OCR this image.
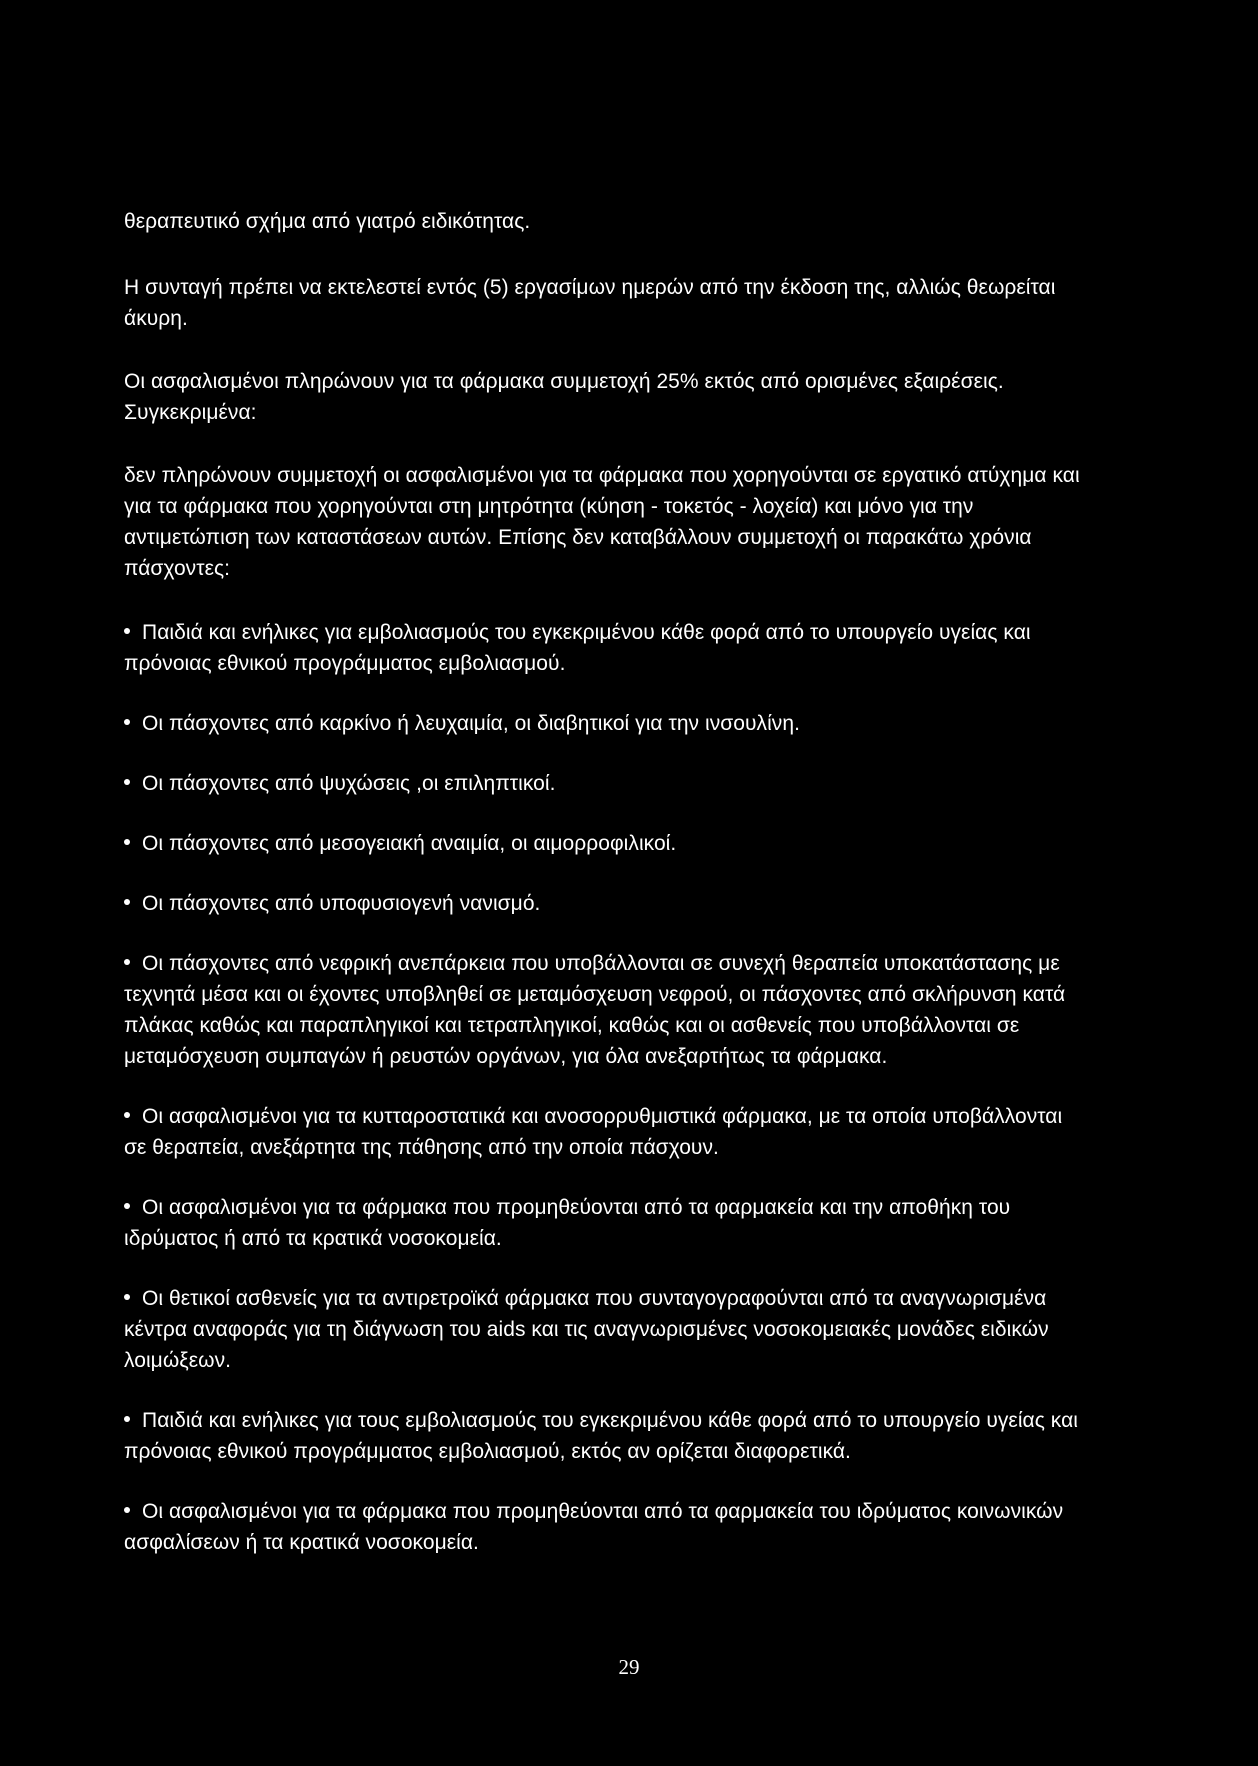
θεραπευτικό σχήμα από γιατρό ειδικότητας.

Η συνταγή πρέπει να εκτελεστεί εντός (5) εργασίμων ημερών από την έκδοση της, αλλιώς θεωρείται άκυρη.

Οι ασφαλισμένοι πληρώνουν για τα φάρμακα συμμετοχή 25% εκτός από ορισμένες εξαιρέσεις. Συγκεκριμένα:

δεν πληρώνουν συμμετοχή οι ασφαλισμένοι για τα φάρμακα που χορηγούνται σε εργατικό ατύχημα και για τα φάρμακα που χορηγούνται στη μητρότητα (κύηση - τοκετός - λοχεία) και μόνο για την αντιμετώπιση των καταστάσεων αυτών. Επίσης δεν καταβάλλουν συμμετοχή οι παρακάτω χρόνια πάσχοντες:

Παιδιά και ενήλικες για εμβολιασμούς του εγκεκριμένου κάθε φορά από το υπουργείο υγείας και πρόνοιας εθνικού προγράμματος εμβολιασμού.
Οι πάσχοντες από καρκίνο ή λευχαιμία, οι διαβητικοί για την ινσουλίνη.
Οι πάσχοντες από ψυχώσεις ,οι επιληπτικοί.
Οι πάσχοντες από μεσογειακή αναιμία, οι αιμορροφιλικοί.
Οι πάσχοντες από υποφυσιογενή νανισμό.
Οι πάσχοντες από νεφρική ανεπάρκεια που υποβάλλονται σε συνεχή θεραπεία υποκατάστασης με τεχνητά μέσα και οι έχοντες υποβληθεί σε μεταμόσχευση νεφρού, οι πάσχοντες από σκλήρυνση κατά πλάκας καθώς και παραπληγικοί και τετραπληγικοί, καθώς και οι ασθενείς που υποβάλλονται σε μεταμόσχευση συμπαγών ή ρευστών οργάνων, για όλα ανεξαρτήτως τα φάρμακα.
Οι ασφαλισμένοι για τα κυτταροστατικά και ανοσορρυθμιστικά φάρμακα, με τα οποία υποβάλλονται σε θεραπεία, ανεξάρτητα της πάθησης από την οποία πάσχουν.
Οι ασφαλισμένοι για τα φάρμακα που προμηθεύονται από τα φαρμακεία και την αποθήκη του ιδρύματος ή από τα κρατικά νοσοκομεία.
Οι θετικοί ασθενείς για τα αντιρετροϊκά φάρμακα που συνταγογραφούνται από τα αναγνωρισμένα κέντρα αναφοράς για τη διάγνωση του aids και τις αναγνωρισμένες νοσοκομειακές μονάδες ειδικών λοιμώξεων.
Παιδιά και ενήλικες για τους εμβολιασμούς του εγκεκριμένου κάθε φορά από το υπουργείο υγείας και πρόνοιας εθνικού προγράμματος εμβολιασμού, εκτός αν ορίζεται διαφορετικά.
Οι ασφαλισμένοι για τα φάρμακα που προμηθεύονται από τα φαρμακεία του ιδρύματος κοινωνικών ασφαλίσεων ή τα κρατικά νοσοκομεία.
29
